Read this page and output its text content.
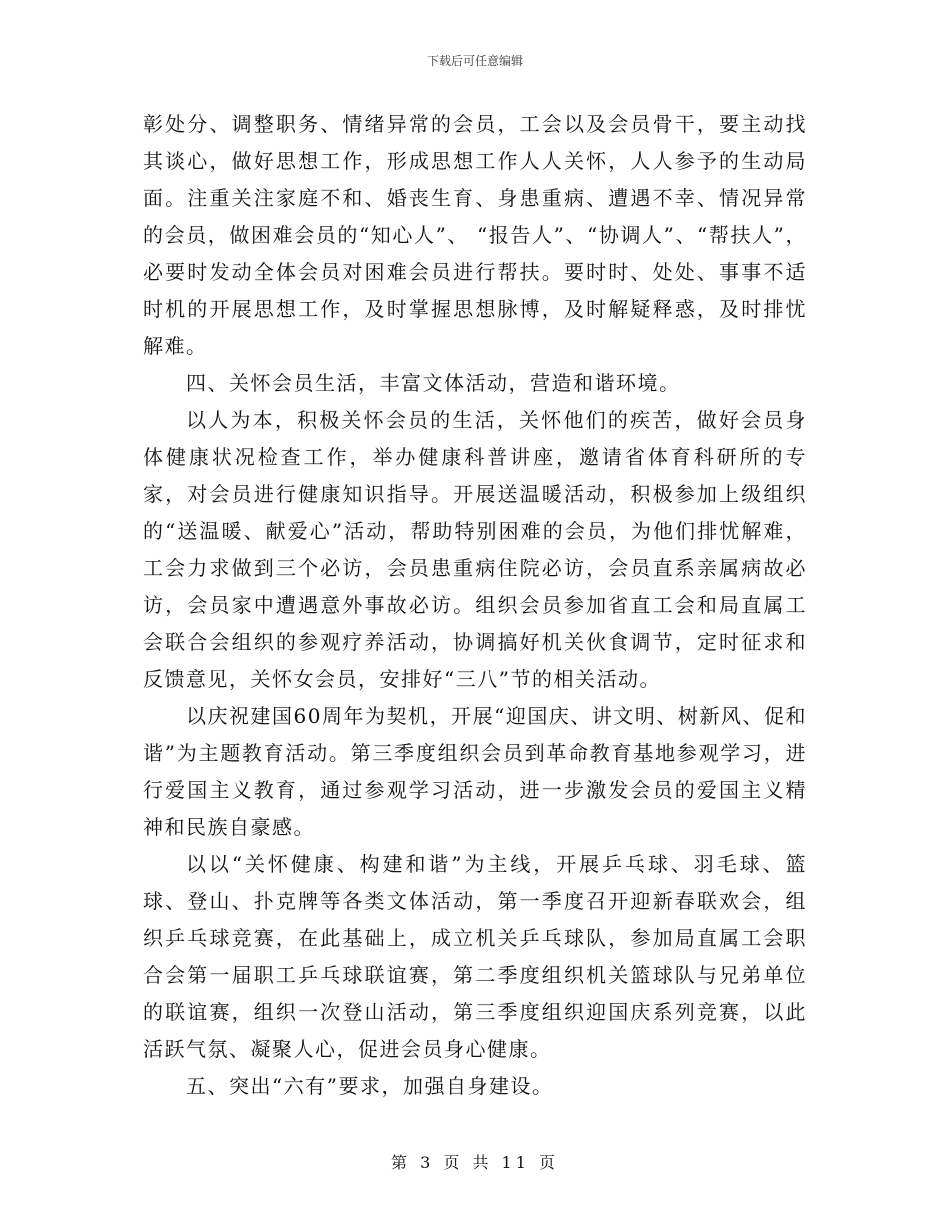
下载后可任意编辑

彰处分、调整职务、情绪异常的会员，工会以及会员骨干，要主动找其谈心，做好思想工作，形成思想工作人人关怀，人人参予的生动局面。注重关注家庭不和、婚丧生育、身患重病、遭遇不幸、情况异常的会员，做困难会员的“知心人”、 “报告人”、“协调人”、“帮扶人”，必要时发动全体会员对困难会员进行帮扶。要时时、处处、事事不适时机的开展思想工作，及时掌握思想脉博，及时解疑释惑，及时排忧解难。

四、关怀会员生活，丰富文体活动，营造和谐环境。

以人为本，积极关怀会员的生活，关怀他们的疾苦，做好会员身体健康状况检查工作，举办健康科普讲座，邀请省体育科研所的专家，对会员进行健康知识指导。开展送温暖活动，积极参加上级组织的“送温暖、献爱心”活动，帮助特别困难的会员，为他们排忧解难，工会力求做到三个必访，会员患重病住院必访，会员直系亲属病故必访，会员家中遭遇意外事故必访。组织会员参加省直工会和局直属工会联合会组织的参观疗养活动，协调搞好机关伙食调节，定时征求和反馈意见，关怀女会员，安排好“三八”节的相关活动。

以庆祝建国60周年为契机，开展“迎国庆、讲文明、树新风、促和谐”为主题教育活动。第三季度组织会员到革命教育基地参观学习，进行爱国主义教育，通过参观学习活动，进一步激发会员的爱国主义精神和民族自豪感。

以以“关怀健康、构建和谐”为主线，开展乒乓球、羽毛球、篮球、登山、扑克牌等各类文体活动，第一季度召开迎新春联欢会，组织乒乓球竞赛，在此基础上，成立机关乒乓球队，参加局直属工会职合会第一届职工乒乓球联谊赛，第二季度组织机关篮球队与兄弟单位的联谊赛，组织一次登山活动，第三季度组织迎国庆系列竞赛，以此活跃气氛、凝聚人心，促进会员身心健康。

五、突出“六有”要求，加强自身建设。

第 3 页 共 11 页
